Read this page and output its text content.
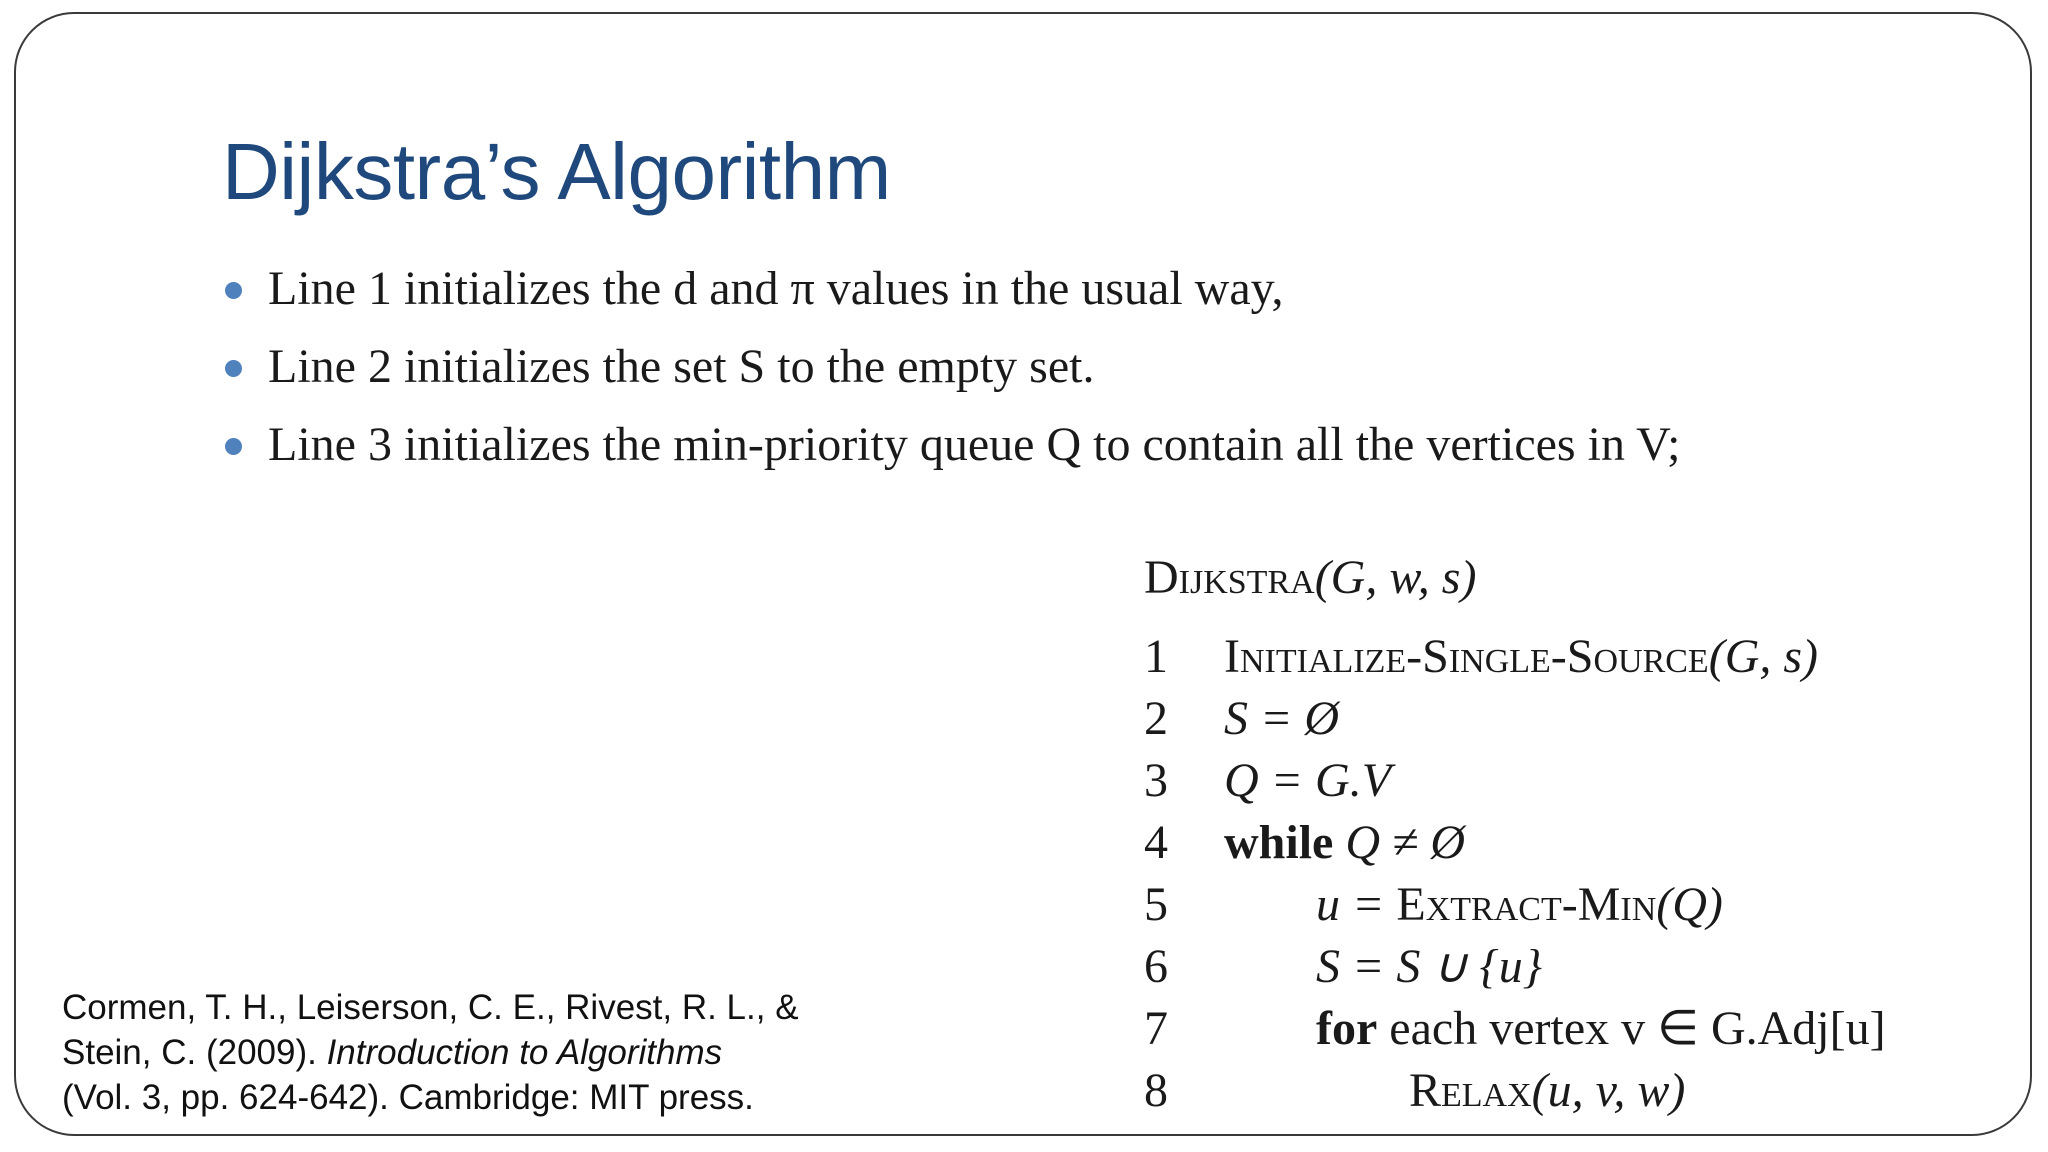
Dijkstra’s Algorithm
Line 1 initializes the d and π values in the usual way,
Line 2 initializes the set S to the empty set.
Line 3 initializes the min-priority queue Q to contain all the vertices in V;
Dijkstra(G, w, s)
1	Initialize-Single-Source(G, s)
2	S = Ø
3	Q = G.V
4	while Q ≠ Ø
5	u = Extract-Min(Q)
6	S = S ∪ {u}
7	for each vertex v ∈ G.Adj[u]
8	Relax(u, v, w)
Cormen, T. H., Leiserson, C. E., Rivest, R. L., &
Stein, C. (2009). Introduction to Algorithms
(Vol. 3, pp. 624-642). Cambridge: MIT press.
